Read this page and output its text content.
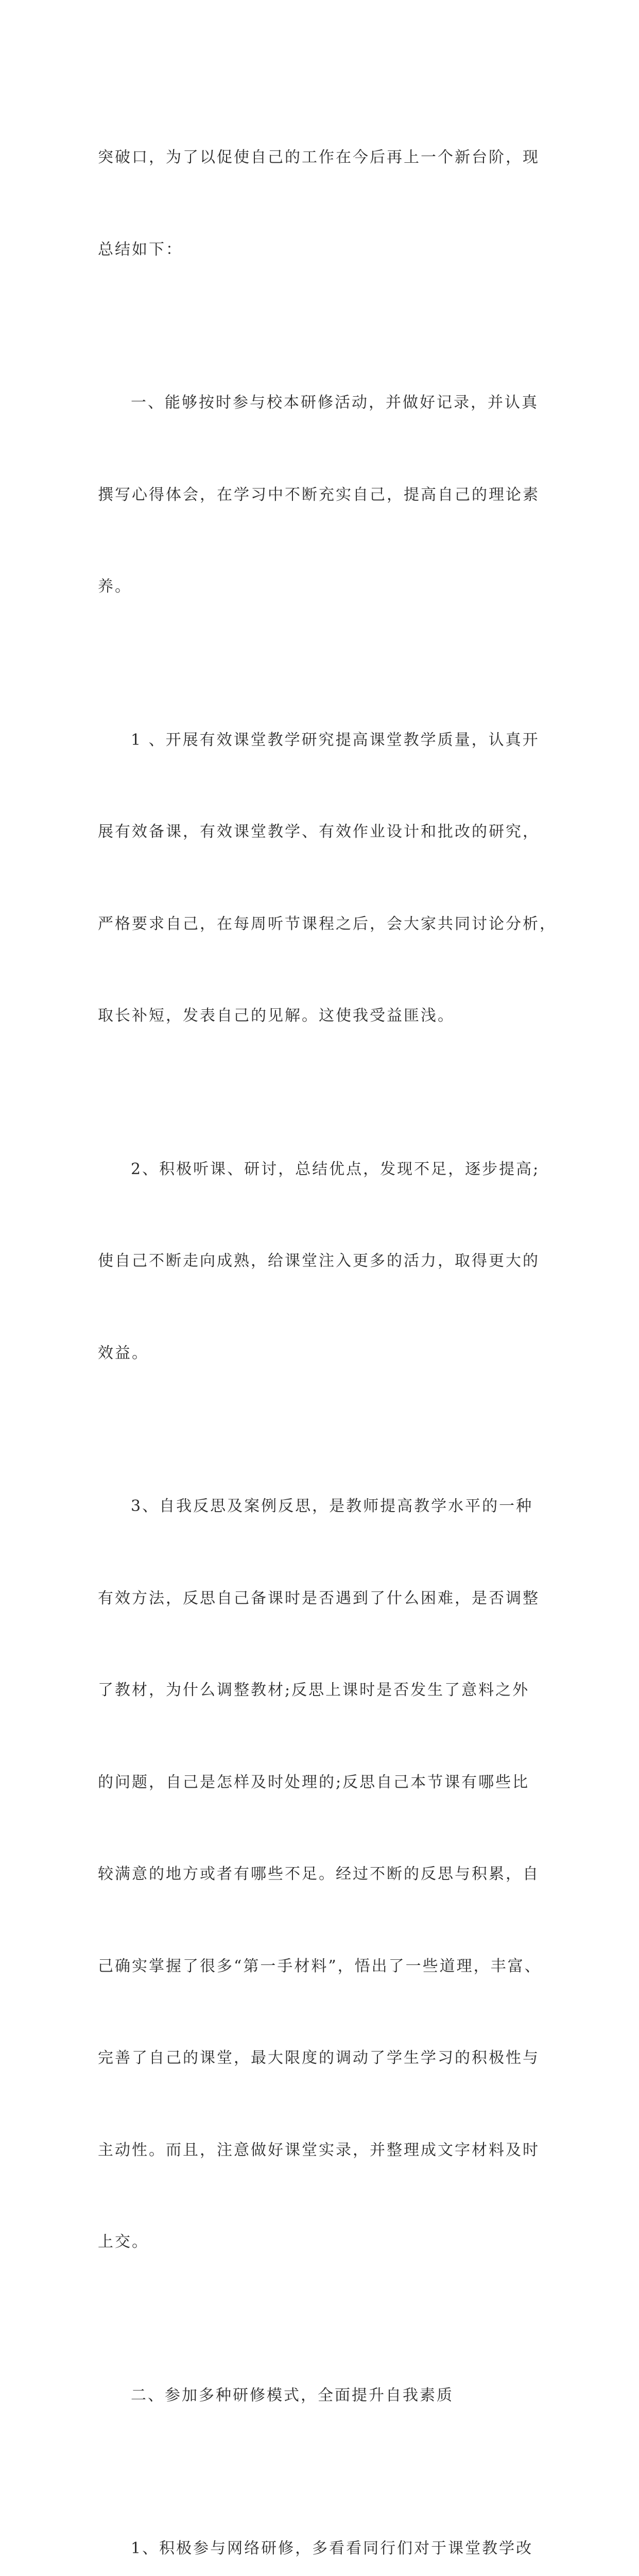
突破口，为了以促使自己的工作在今后再上一个新台阶，现

总结如下：

一、能够按时参与校本研修活动，并做好记录，并认真

撰写心得体会，在学习中不断充实自己，提高自己的理论素

养。

1 、开展有效课堂教学研究提高课堂教学质量，认真开

展有效备课，有效课堂教学、有效作业设计和批改的研究，

严格要求自己，在每周听节课程之后，会大家共同讨论分析，

取长补短，发表自己的见解。这使我受益匪浅。

2、积极听课、研讨，总结优点，发现不足，逐步提高;

使自己不断走向成熟，给课堂注入更多的活力，取得更大的

效益。

3、自我反思及案例反思，是教师提高教学水平的一种

有效方法，反思自己备课时是否遇到了什么困难，是否调整

了教材，为什么调整教材;反思上课时是否发生了意料之外

的问题，自己是怎样及时处理的;反思自己本节课有哪些比

较满意的地方或者有哪些不足。经过不断的反思与积累，自

己确实掌握了很多“第一手材料”，悟出了一些道理，丰富、

完善了自己的课堂，最大限度的调动了学生学习的积极性与

主动性。而且，注意做好课堂实录，并整理成文字材料及时

上交。

二、参加多种研修模式，全面提升自我素质

1、积极参与网络研修，多看看同行们对于课堂教学改
